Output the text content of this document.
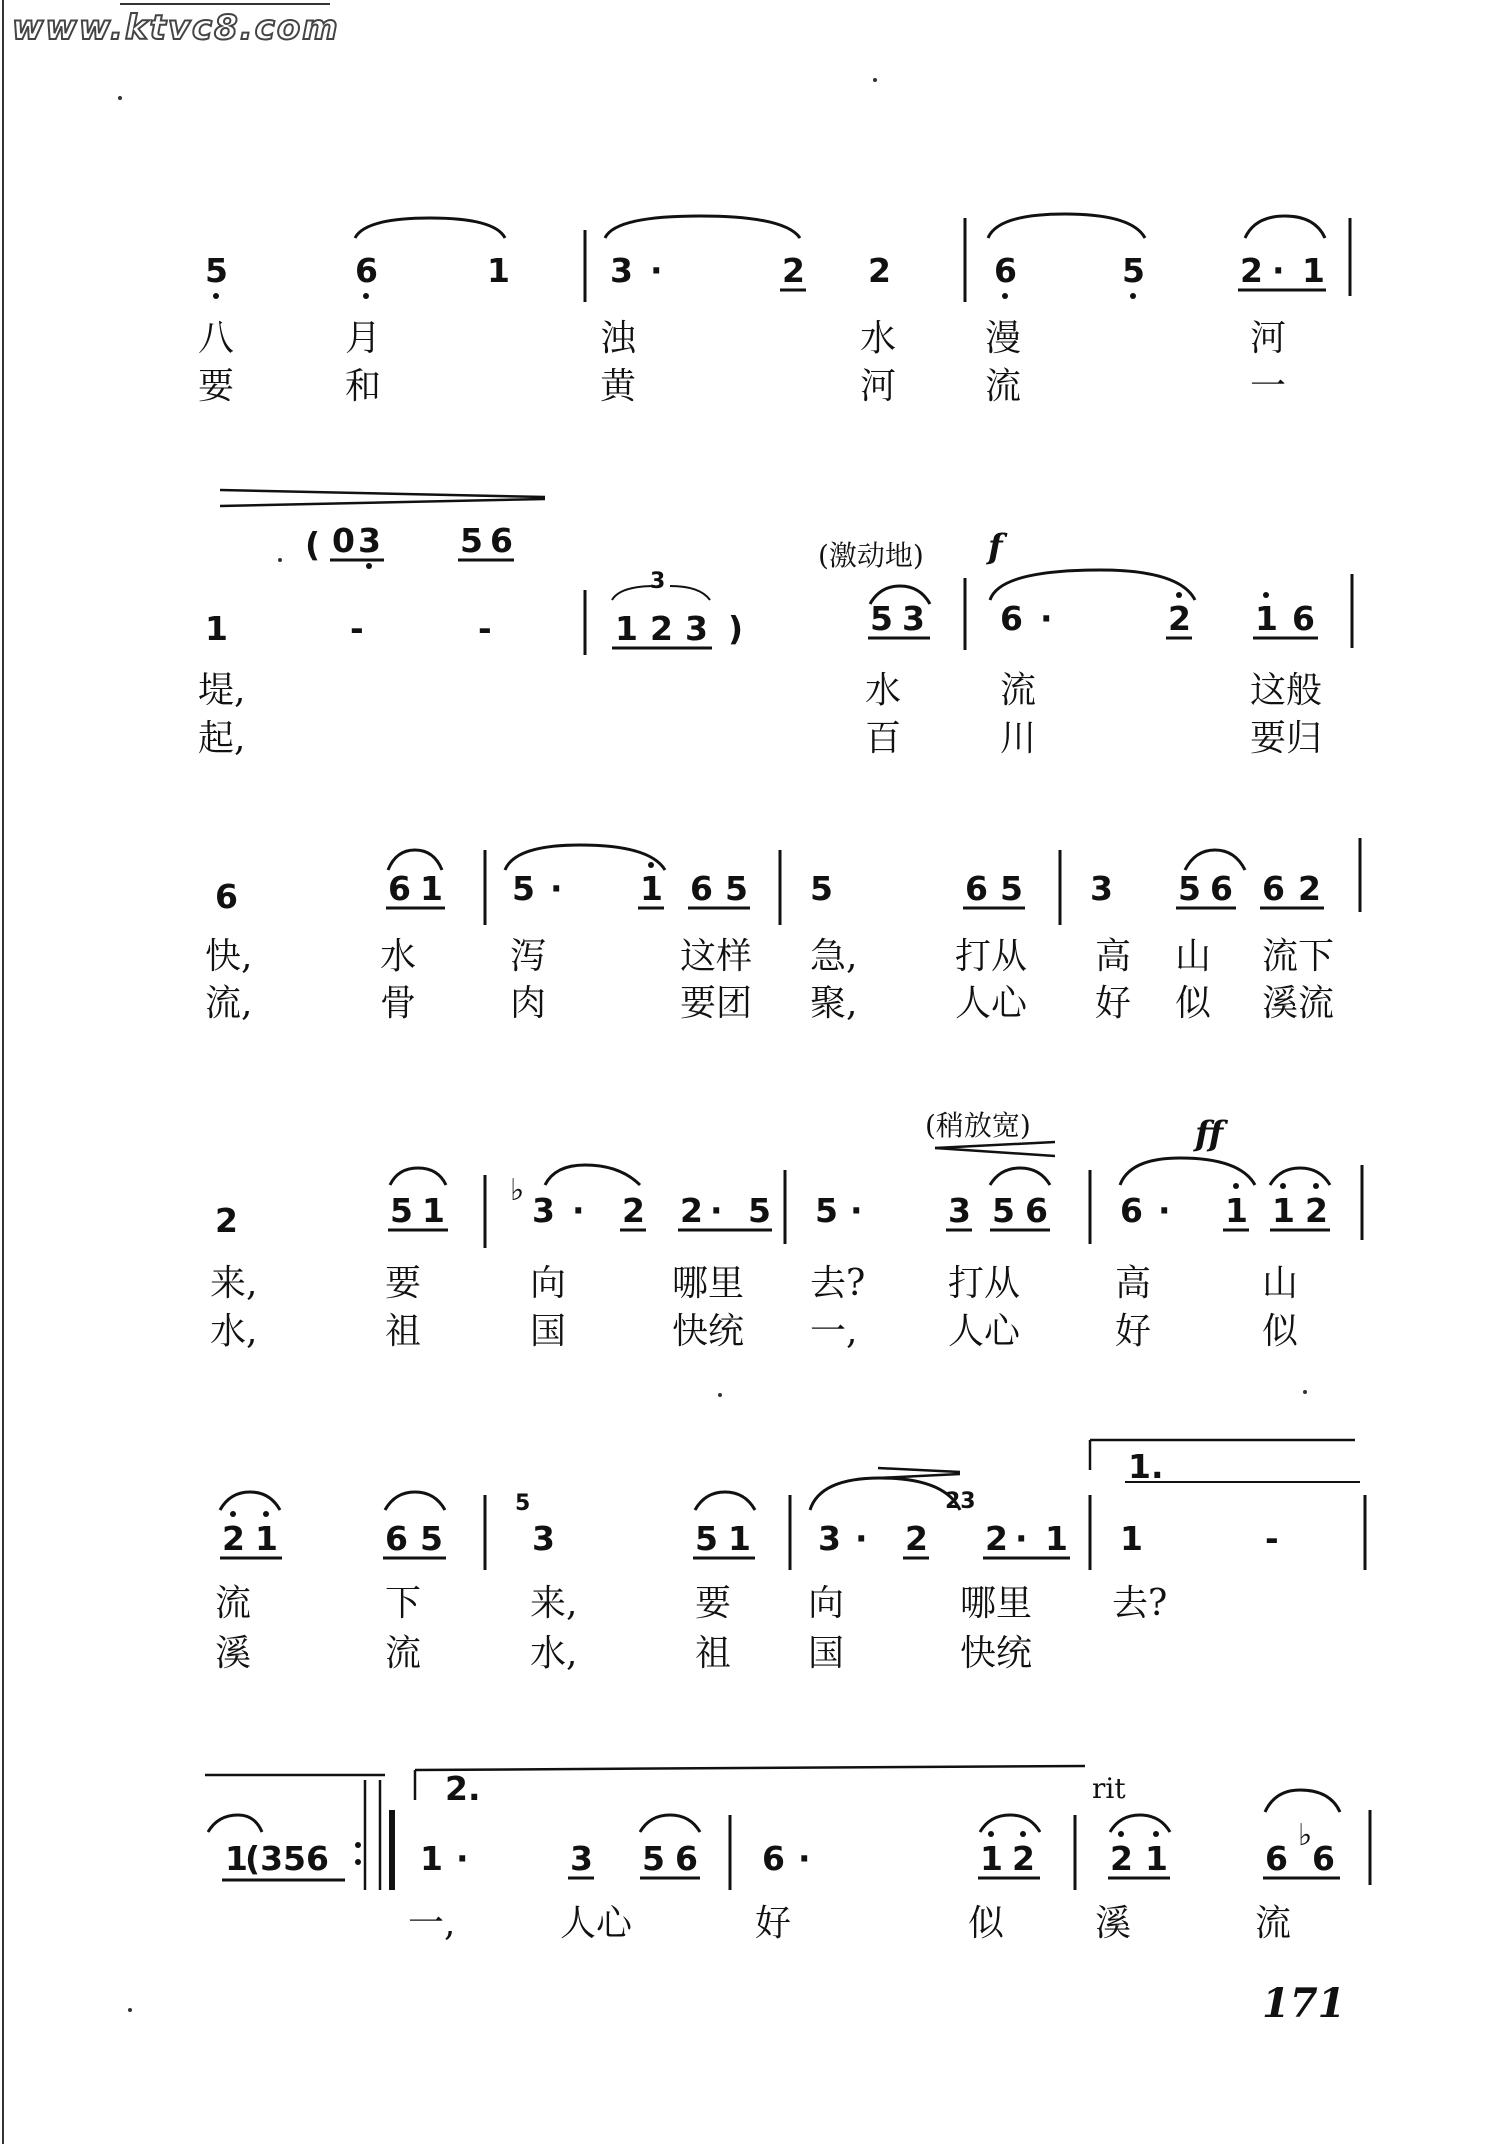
www.ktvc8.com
5	6	1	3 ·	2 2	6	5	2 · 1
八	月	浊	水 漫	河
要	和	黄	河 流	一
( 0 3 5 6	(激动地) f
1	-	-
3
1 2 3 )	5 3 6 ·	2 1 6
堤,	水	流	这般
起,	百	川	要归
6	6 1 5 · 1 6 5 5	6 5 3 5 6 6 2
快,	水	泻	这样 急,	打从 高 山 流下
流,	骨	肉	要团 聚,	人心 好 似 溪流
(稍放宽)	ff
2	5 1
♭
3 · 2 2 · 5 5 ·	3 5 6 6 · 1 1 2
来,	要	向	哪里 去? 打从	高	山
水,	祖	国	快统 一,	人心	好	似
1.
2 1	6 5
5
3	5 1 3 · 2
23
2 · 1 1	-
流	下	来,	要 向	哪里 去?
溪	流	水,	祖 国	快统
2.	rit
1
(356	1 ·	3 5 6 6 ·	1 2 2 1	6
♭
6
一,	人心	好	似	溪	流
171
